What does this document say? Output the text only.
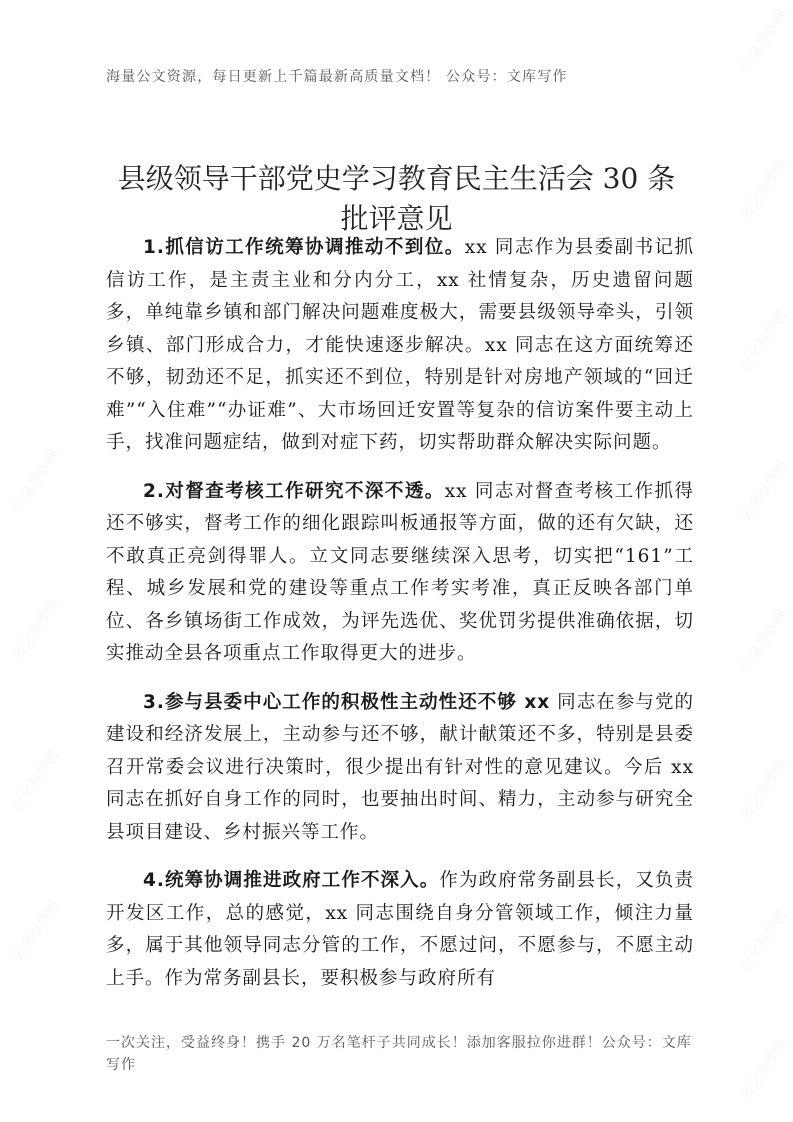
公文写作网
公文写作网
公文写作网
公文写作网
公文写作网
公文写作网
公文写作网
公文写作网
公文写作网
公文写作网
公文写作网
公文写作网
海量公文资源，每日更新上千篇最新高质量文档！ 公众号：文库写作
县级领导干部党史学习教育民主生活会 30 条
批评意见

1.抓信访工作统筹协调推动不到位。xx 同志作为县委副书记抓信访工作，是主责主业和分内分工，xx 社情复杂，历史遗留问题多，单纯靠乡镇和部门解决问题难度极大，需要县级领导牵头，引领乡镇、部门形成合力，才能快速逐步解决。xx 同志在这方面统筹还不够，韧劲还不足，抓实还不到位，特别是针对房地产领域的“回迁难”“入住难”“办证难”、大市场回迁安置等复杂的信访案件要主动上手，找准问题症结，做到对症下药，切实帮助群众解决实际问题。

2.对督查考核工作研究不深不透。xx 同志对督查考核工作抓得还不够实，督考工作的细化跟踪叫板通报等方面，做的还有欠缺，还不敢真正亮剑得罪人。立文同志要继续深入思考，切实把“161”工程、城乡发展和党的建设等重点工作考实考准，真正反映各部门单位、各乡镇场街工作成效，为评先选优、奖优罚劣提供准确依据，切实推动全县各项重点工作取得更大的进步。

3.参与县委中心工作的积极性主动性还不够 xx 同志在参与党的建设和经济发展上，主动参与还不够，献计献策还不多，特别是县委召开常委会议进行决策时，很少提出有针对性的意见建议。今后 xx 同志在抓好自身工作的同时，也要抽出时间、精力，主动参与研究全县项目建设、乡村振兴等工作。

4.统筹协调推进政府工作不深入。作为政府常务副县长，又负责开发区工作，总的感觉，xx 同志围绕自身分管领域工作，倾注力量多，属于其他领导同志分管的工作，不愿过问，不愿参与，不愿主动上手。作为常务副县长，要积极参与政府所有

一次关注，受益终身！携手 20 万名笔杆子共同成长！添加客服拉你进群！公众号：文库写作
